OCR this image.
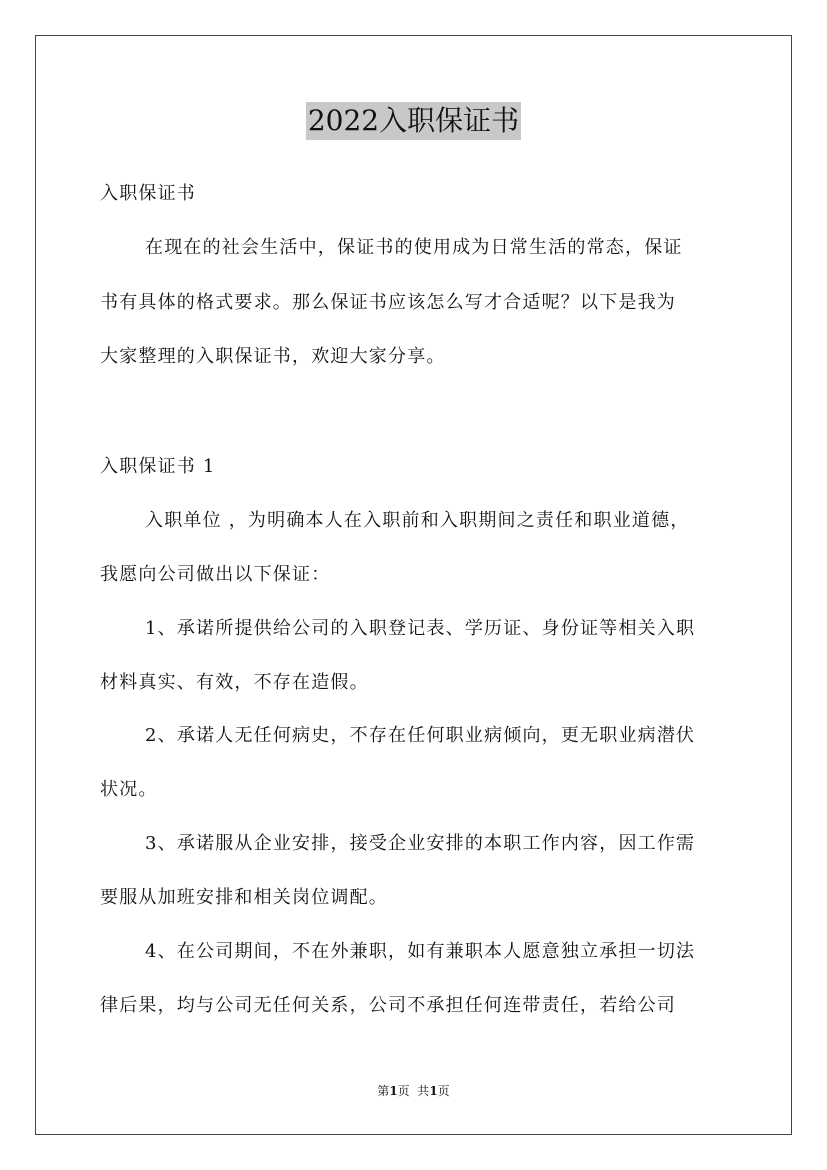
2022入职保证书
入职保证书
在现在的社会生活中，保证书的使用成为日常生活的常态，保证
书有具体的格式要求。那么保证书应该怎么写才合适呢？以下是我为
大家整理的入职保证书，欢迎大家分享。
入职保证书 1
入职单位 ，为明确本人在入职前和入职期间之责任和职业道德，
我愿向公司做出以下保证：
1、承诺所提供给公司的入职登记表、学历证、身份证等相关入职
材料真实、有效，不存在造假。
2、承诺人无任何病史，不存在任何职业病倾向，更无职业病潜伏
状况。
3、承诺服从企业安排，接受企业安排的本职工作内容，因工作需
要服从加班安排和相关岗位调配。
4、在公司期间，不在外兼职，如有兼职本人愿意独立承担一切法
律后果，均与公司无任何关系，公司不承担任何连带责任，若给公司
第1页  共1页
